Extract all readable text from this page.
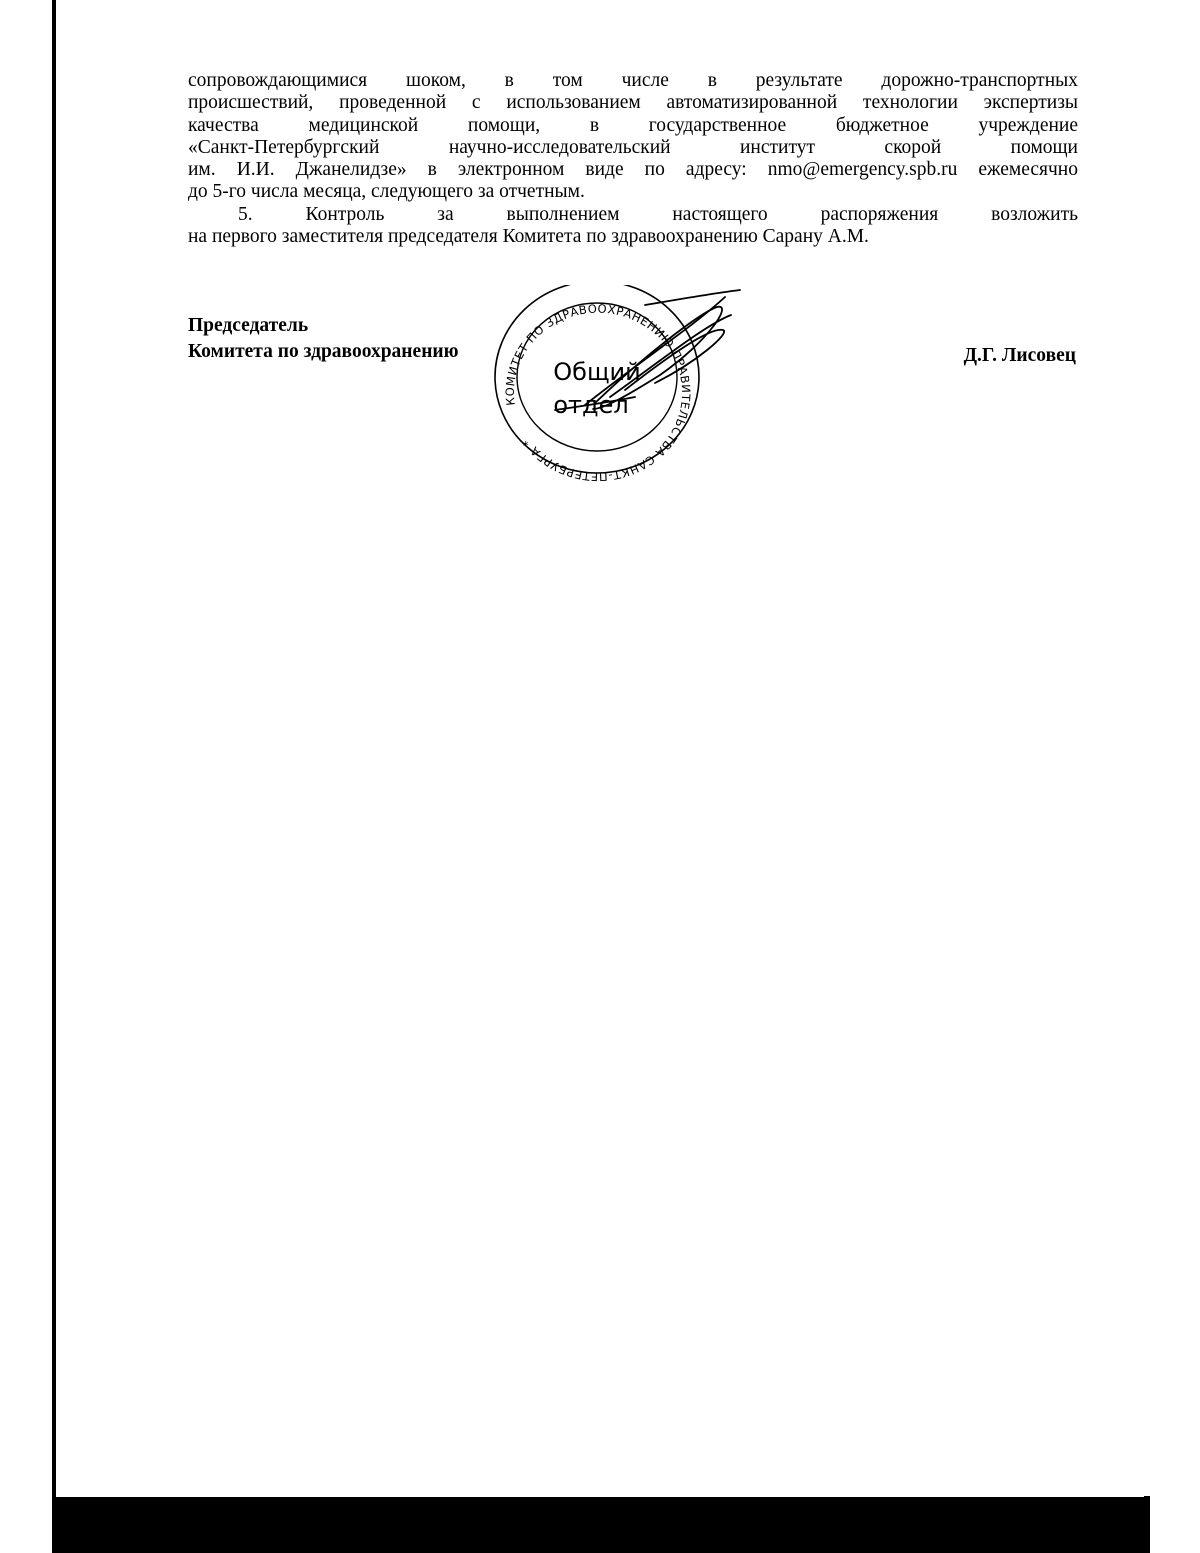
сопровождающимися шоком, в том числе в результате дорожно-транспортных
происшествий, проведенной с использованием автоматизированной технологии экспертизы
качества медицинской помощи, в государственное бюджетное учреждение
«Санкт-Петербургский научно-исследовательский институт скорой помощи
им. И.И. Джанелидзе» в электронном виде по адресу: nmo@emergency.spb.ru ежемесячно
до 5-го числа месяца, следующего за отчетным.
5. Контроль за выполнением настоящего распоряжения возложить
на первого заместителя председателя Комитета по здравоохранению Сарану А.М.
Председатель
Комитета по здравоохранению	Д.Г. Лисовец
КОМИТЕТ ПО ЗДРАВООХРАНЕНИЮ ПРАВИТЕЛЬСТВА САНКТ-ПЕТЕРБУРГА *
Общий
отдел
